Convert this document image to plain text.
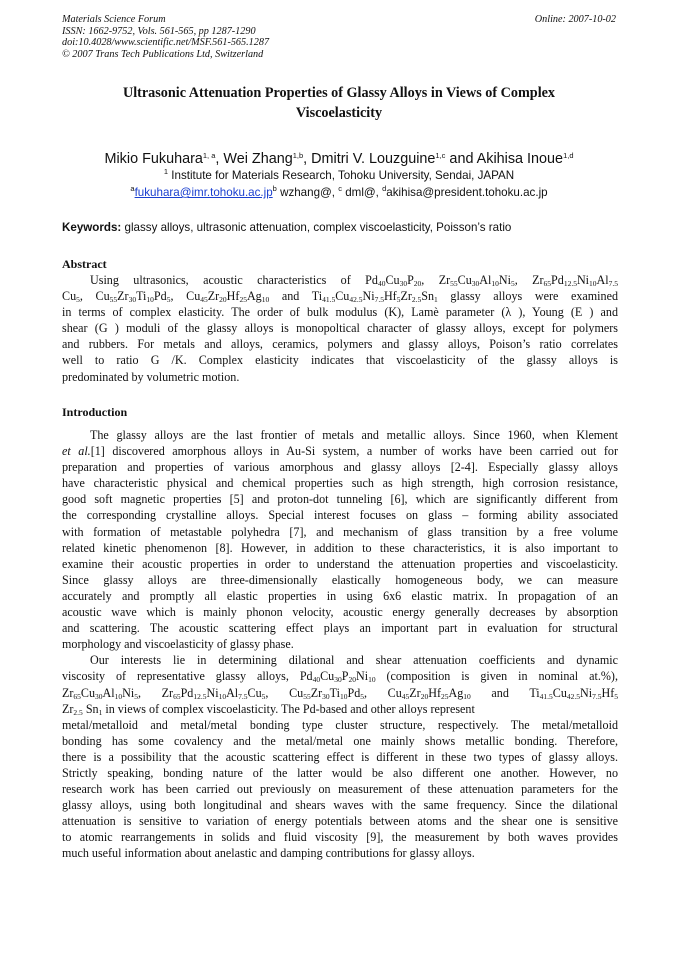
Materials Science Forum	Online: 2007-10-02
ISSN: 1662-9752, Vols. 561-565, pp 1287-1290
doi:10.4028/www.scientific.net/MSF.561-565.1287
© 2007 Trans Tech Publications Ltd, Switzerland
Ultrasonic Attenuation Properties of Glassy Alloys in Views of Complex
Viscoelasticity
Mikio Fukuhara$^{1, a}$, Wei Zhang$^{1,b}$, Dmitri V. Louzguine$^{1,c}$ and Akihisa Inoue$^{1,d}$
$^1$ Institute for Materials Research, Tohoku University, Sendai, JAPAN
$^afukuhara@imr.tohoku.ac.jp^b$ wzhang@, $^c$ dml@, $^d$akihisa@president.tohoku.ac.jp
Keywords: glassy alloys, ultrasonic attenuation, complex viscoelasticity, Poisson’s ratio
Abstract
Using ultrasonics, acoustic characteristics of $Pd_{40}Cu_{30}P_{20}$, $Zr_{55}Cu_{30}Al_{10}Ni_5$, $Zr_{65}Pd_{12.5}Ni_{10}Al_{7.5}$
$Cu_5$, $Cu_{55}Zr_{30}Ti_{10}Pd_5$, $Cu_{45}Zr_{20}Hf_{25}Ag_{10}$ and $Ti_{41.5}Cu_{42.5}Ni_{7.5}Hf_5Zr_{2.5}Sn_1$ glassy alloys were examined
in terms of complex elasticity. The order of bulk modulus (K), Lamè parameter (λ ), Young (E ) and
shear (G ) moduli of the glassy alloys is monopoltical character of glassy alloys, except for polymers
and rubbers. For metals and alloys, ceramics, polymers and glassy alloys, Poison’s ratio correlates
well to ratio G /K. Complex elasticity indicates that viscoelasticity of the glassy alloys is
predominated by volumetric motion.
Introduction
The glassy alloys are the last frontier of metals and metallic alloys. Since 1960, when Klement
et al.[1] discovered amorphous alloys in Au-Si system, a number of works have been carried out for
preparation and properties of various amorphous and glassy alloys [2-4]. Especially glassy alloys
have characteristic physical and chemical properties such as high strength, high corrosion resistance,
good soft magnetic properties [5] and proton-dot tunneling [6], which are significantly different from
the corresponding crystalline alloys. Special interest focuses on glass – forming ability associated
with formation of metastable polyhedra [7], and mechanism of glass transition by a free volume
related kinetic phenomenon [8]. However, in addition to these characteristics, it is also important to
examine their acoustic properties in order to understand the attenuation properties and viscoelasticity.
Since glassy alloys are three-dimensionally elastically homogeneous body, we can measure
accurately and promptly all elastic properties in using 6x6 elastic matrix. In propagation of an
acoustic wave which is mainly phonon velocity, acoustic energy generally decreases by absorption
and scattering. The acoustic scattering effect plays an important part in evaluation for structural
morphology and viscoelasticity of glassy phase.
Our interests lie in determining dilational and shear attenuation coefficients and dynamic
viscosity of representative glassy alloys, $Pd_{40}Cu_{30}P_{20}Ni_{10}$ (composition is given in nominal at.%),
$Zr_{65}Cu_{30}Al_{10}Ni_5$, $Zr_{65}Pd_{12.5}Ni_{10}Al_{7.5}Cu_5$, $Cu_{55}Zr_{30}Ti_{10}Pd_5$, $Cu_{45}Zr_{20}Hf_{25}Ag_{10}$ and $Ti_{41.5}Cu_{42.5}Ni_{7.5}Hf_5$
$Zr_{2.5}$ $Sn_1$ in views of complex viscoelasticity. The Pd-based and other alloys represent
metal/metalloid and metal/metal bonding type cluster structure, respectively. The metal/metalloid
bonding has some covalency and the metal/metal one mainly shows metallic bonding. Therefore,
there is a possibility that the acoustic scattering effect is different in these two types of glassy alloys.
Strictly speaking, bonding nature of the latter would be also different one another. However, no
research work has been carried out previously on measurement of these attenuation parameters for the
glassy alloys, using both longitudinal and shears waves with the same frequency. Since the dilational
attenuation is sensitive to variation of energy potentials between atoms and the shear one is sensitive
to atomic rearrangements in solids and fluid viscosity [9], the measurement by both waves provides
much useful information about anelastic and damping contributions for glassy alloys.
